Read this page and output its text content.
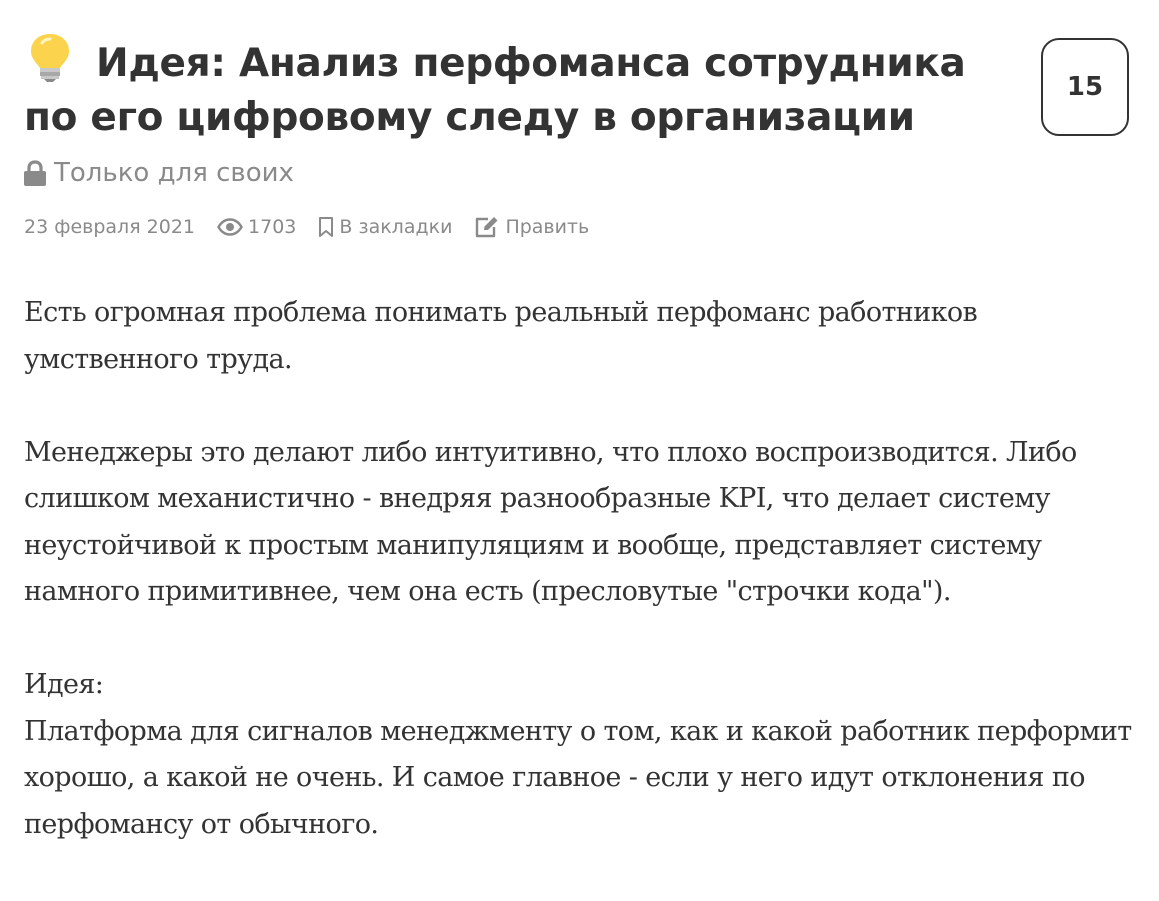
Идея: Анализ перфоманса сотрудника по его цифровому следу в организации
15
Только для своих
23 февраля 2021	1703 В закладки	Править

Есть огромная проблема понимать реальный перфоманс работников умственного труда.

Менеджеры это делают либо интуитивно, что плохо воспроизводится. Либо слишком механистично - внедряя разнообразные KPI, что делает систему неустойчивой к простым манипуляциям и вообще, представляет систему намного примитивнее, чем она есть (пресловутые "строчки кода").

Идея:
Платформа для сигналов менеджменту о том, как и какой работник перформит хорошо, а какой не очень. И самое главное - если у него идут отклонения по перфомансу от обычного.
